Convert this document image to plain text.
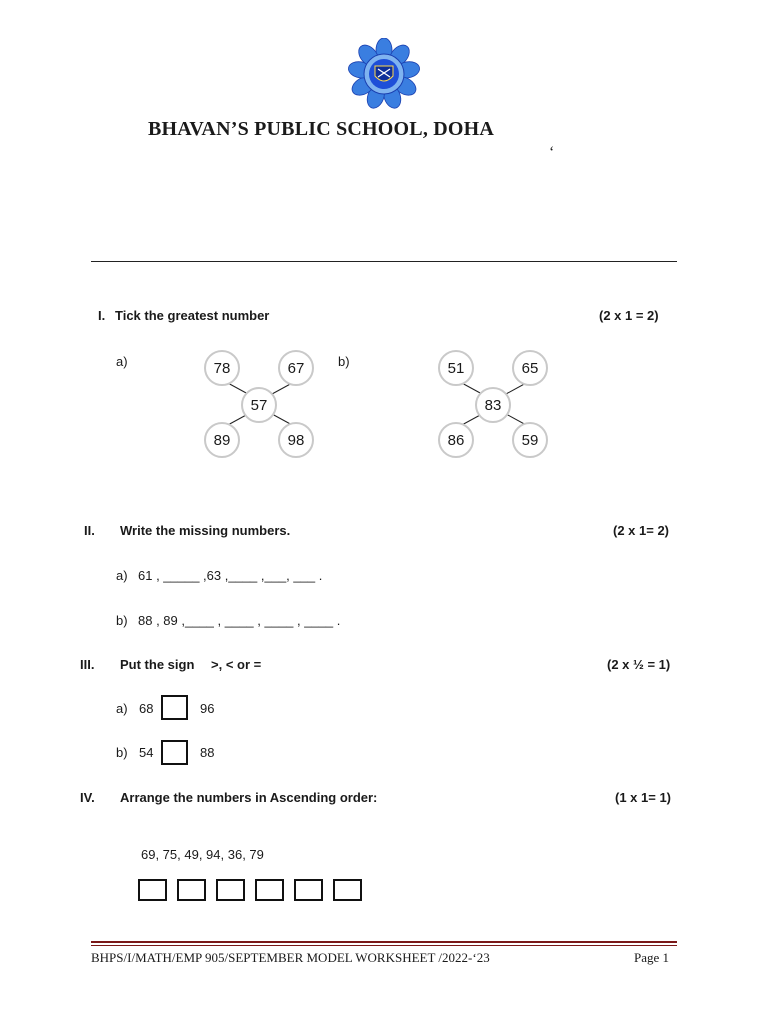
BHAVAN’S PUBLIC SCHOOL, DOHA
‘
I. Tick the greatest number	(2 x 1 = 2)
a)	b)
78	67
57
89	98
51	65
83
86	59
II. Write the missing numbers.	(2 x 1= 2)
a) 61 , _____ ,63 ,____ ,___, ___ .
b) 88 , 89 ,____ , ____ , ____ , ____ .
III. Put the sign >, < or =	(2 x ½ = 1)
a) 68	96
b) 54	88
IV. Arrange the numbers in Ascending order:	(1 x 1= 1)
69, 75, 49, 94, 36, 79
BHPS/I/MATH/EMP 905/SEPTEMBER MODEL WORKSHEET /2022-‘23	Page 1
